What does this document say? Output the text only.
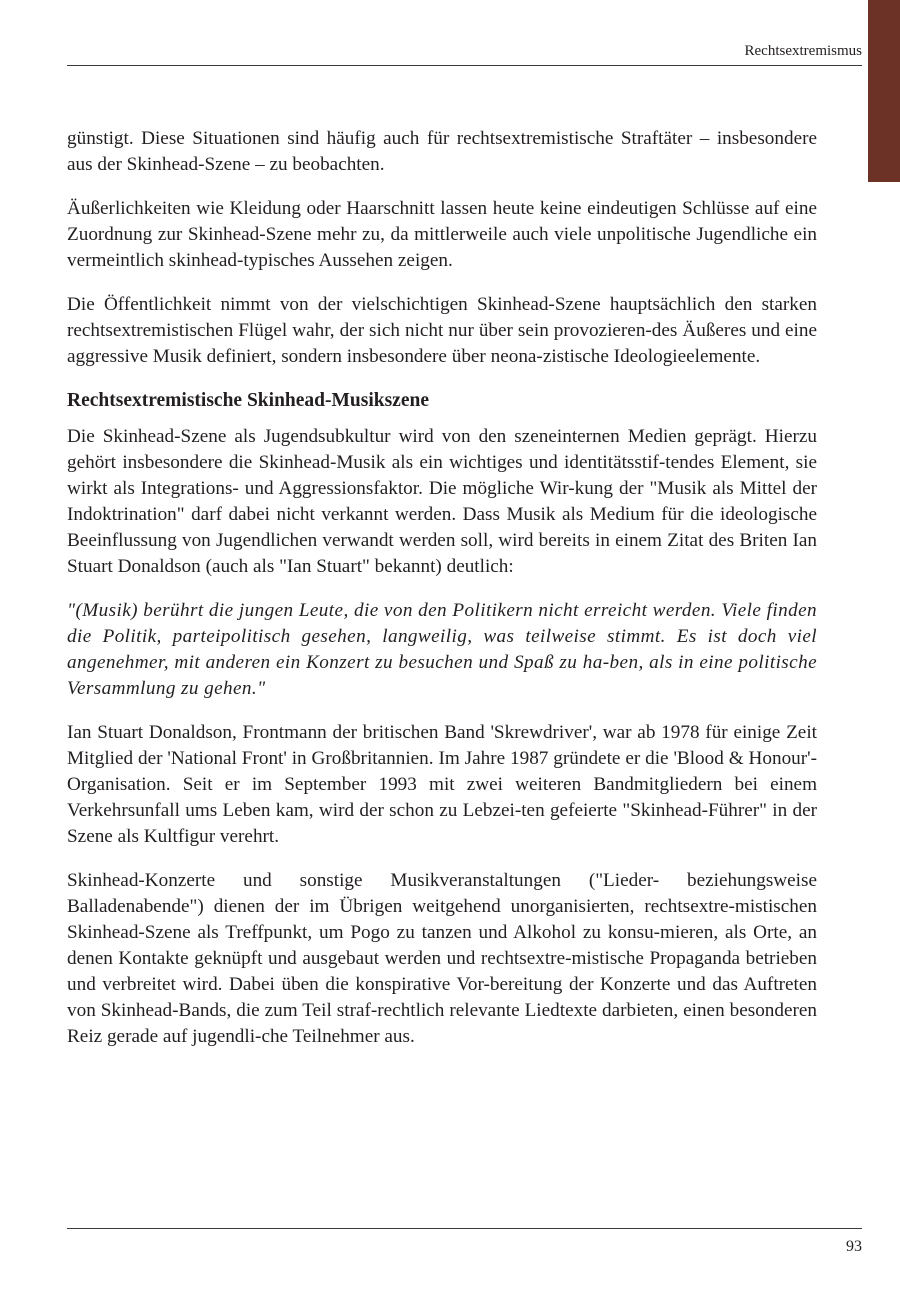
Rechtsextremismus

günstigt. Diese Situationen sind häufig auch für rechtsextremistische Straftäter – insbesondere aus der Skinhead-Szene – zu beobachten.

Äußerlichkeiten wie Kleidung oder Haarschnitt lassen heute keine eindeutigen Schlüsse auf eine Zuordnung zur Skinhead-Szene mehr zu, da mittlerweile auch viele unpolitische Jugendliche ein vermeintlich skinhead-typisches Aussehen zeigen.

Die Öffentlichkeit nimmt von der vielschichtigen Skinhead-Szene hauptsächlich den starken rechtsextremistischen Flügel wahr, der sich nicht nur über sein provozieren-des Äußeres und eine aggressive Musik definiert, sondern insbesondere über neona-zistische Ideologieelemente.

Rechtsextremistische Skinhead-Musikszene

Die Skinhead-Szene als Jugendsubkultur wird von den szeneinternen Medien geprägt. Hierzu gehört insbesondere die Skinhead-Musik als ein wichtiges und identitätsstif-tendes Element, sie wirkt als Integrations- und Aggressionsfaktor. Die mögliche Wir-kung der "Musik als Mittel der Indoktrination" darf dabei nicht verkannt werden. Dass Musik als Medium für die ideologische Beeinflussung von Jugendlichen verwandt werden soll, wird bereits in einem Zitat des Briten Ian Stuart Donaldson (auch als "Ian Stuart" bekannt) deutlich:

"(Musik) berührt die jungen Leute, die von den Politikern nicht erreicht werden. Viele finden die Politik, parteipolitisch gesehen, langweilig, was teilweise stimmt. Es ist doch viel angenehmer, mit anderen ein Konzert zu besuchen und Spaß zu ha-ben, als in eine politische Versammlung zu gehen."

Ian Stuart Donaldson, Frontmann der britischen Band 'Skrewdriver', war ab 1978 für einige Zeit Mitglied der 'National Front' in Großbritannien. Im Jahre 1987 gründete er die 'Blood & Honour'-Organisation. Seit er im September 1993 mit zwei weiteren Bandmitgliedern bei einem Verkehrsunfall ums Leben kam, wird der schon zu Lebzei-ten gefeierte "Skinhead-Führer" in der Szene als Kultfigur verehrt.

Skinhead-Konzerte und sonstige Musikveranstaltungen ("Lieder- beziehungsweise Balladenabende") dienen der im Übrigen weitgehend unorganisierten, rechtsextre-mistischen Skinhead-Szene als Treffpunkt, um Pogo zu tanzen und Alkohol zu konsu-mieren, als Orte, an denen Kontakte geknüpft und ausgebaut werden und rechtsextre-mistische Propaganda betrieben und verbreitet wird. Dabei üben die konspirative Vor-bereitung der Konzerte und das Auftreten von Skinhead-Bands, die zum Teil straf-rechtlich relevante Liedtexte darbieten, einen besonderen Reiz gerade auf jugendli-che Teilnehmer aus.

93
